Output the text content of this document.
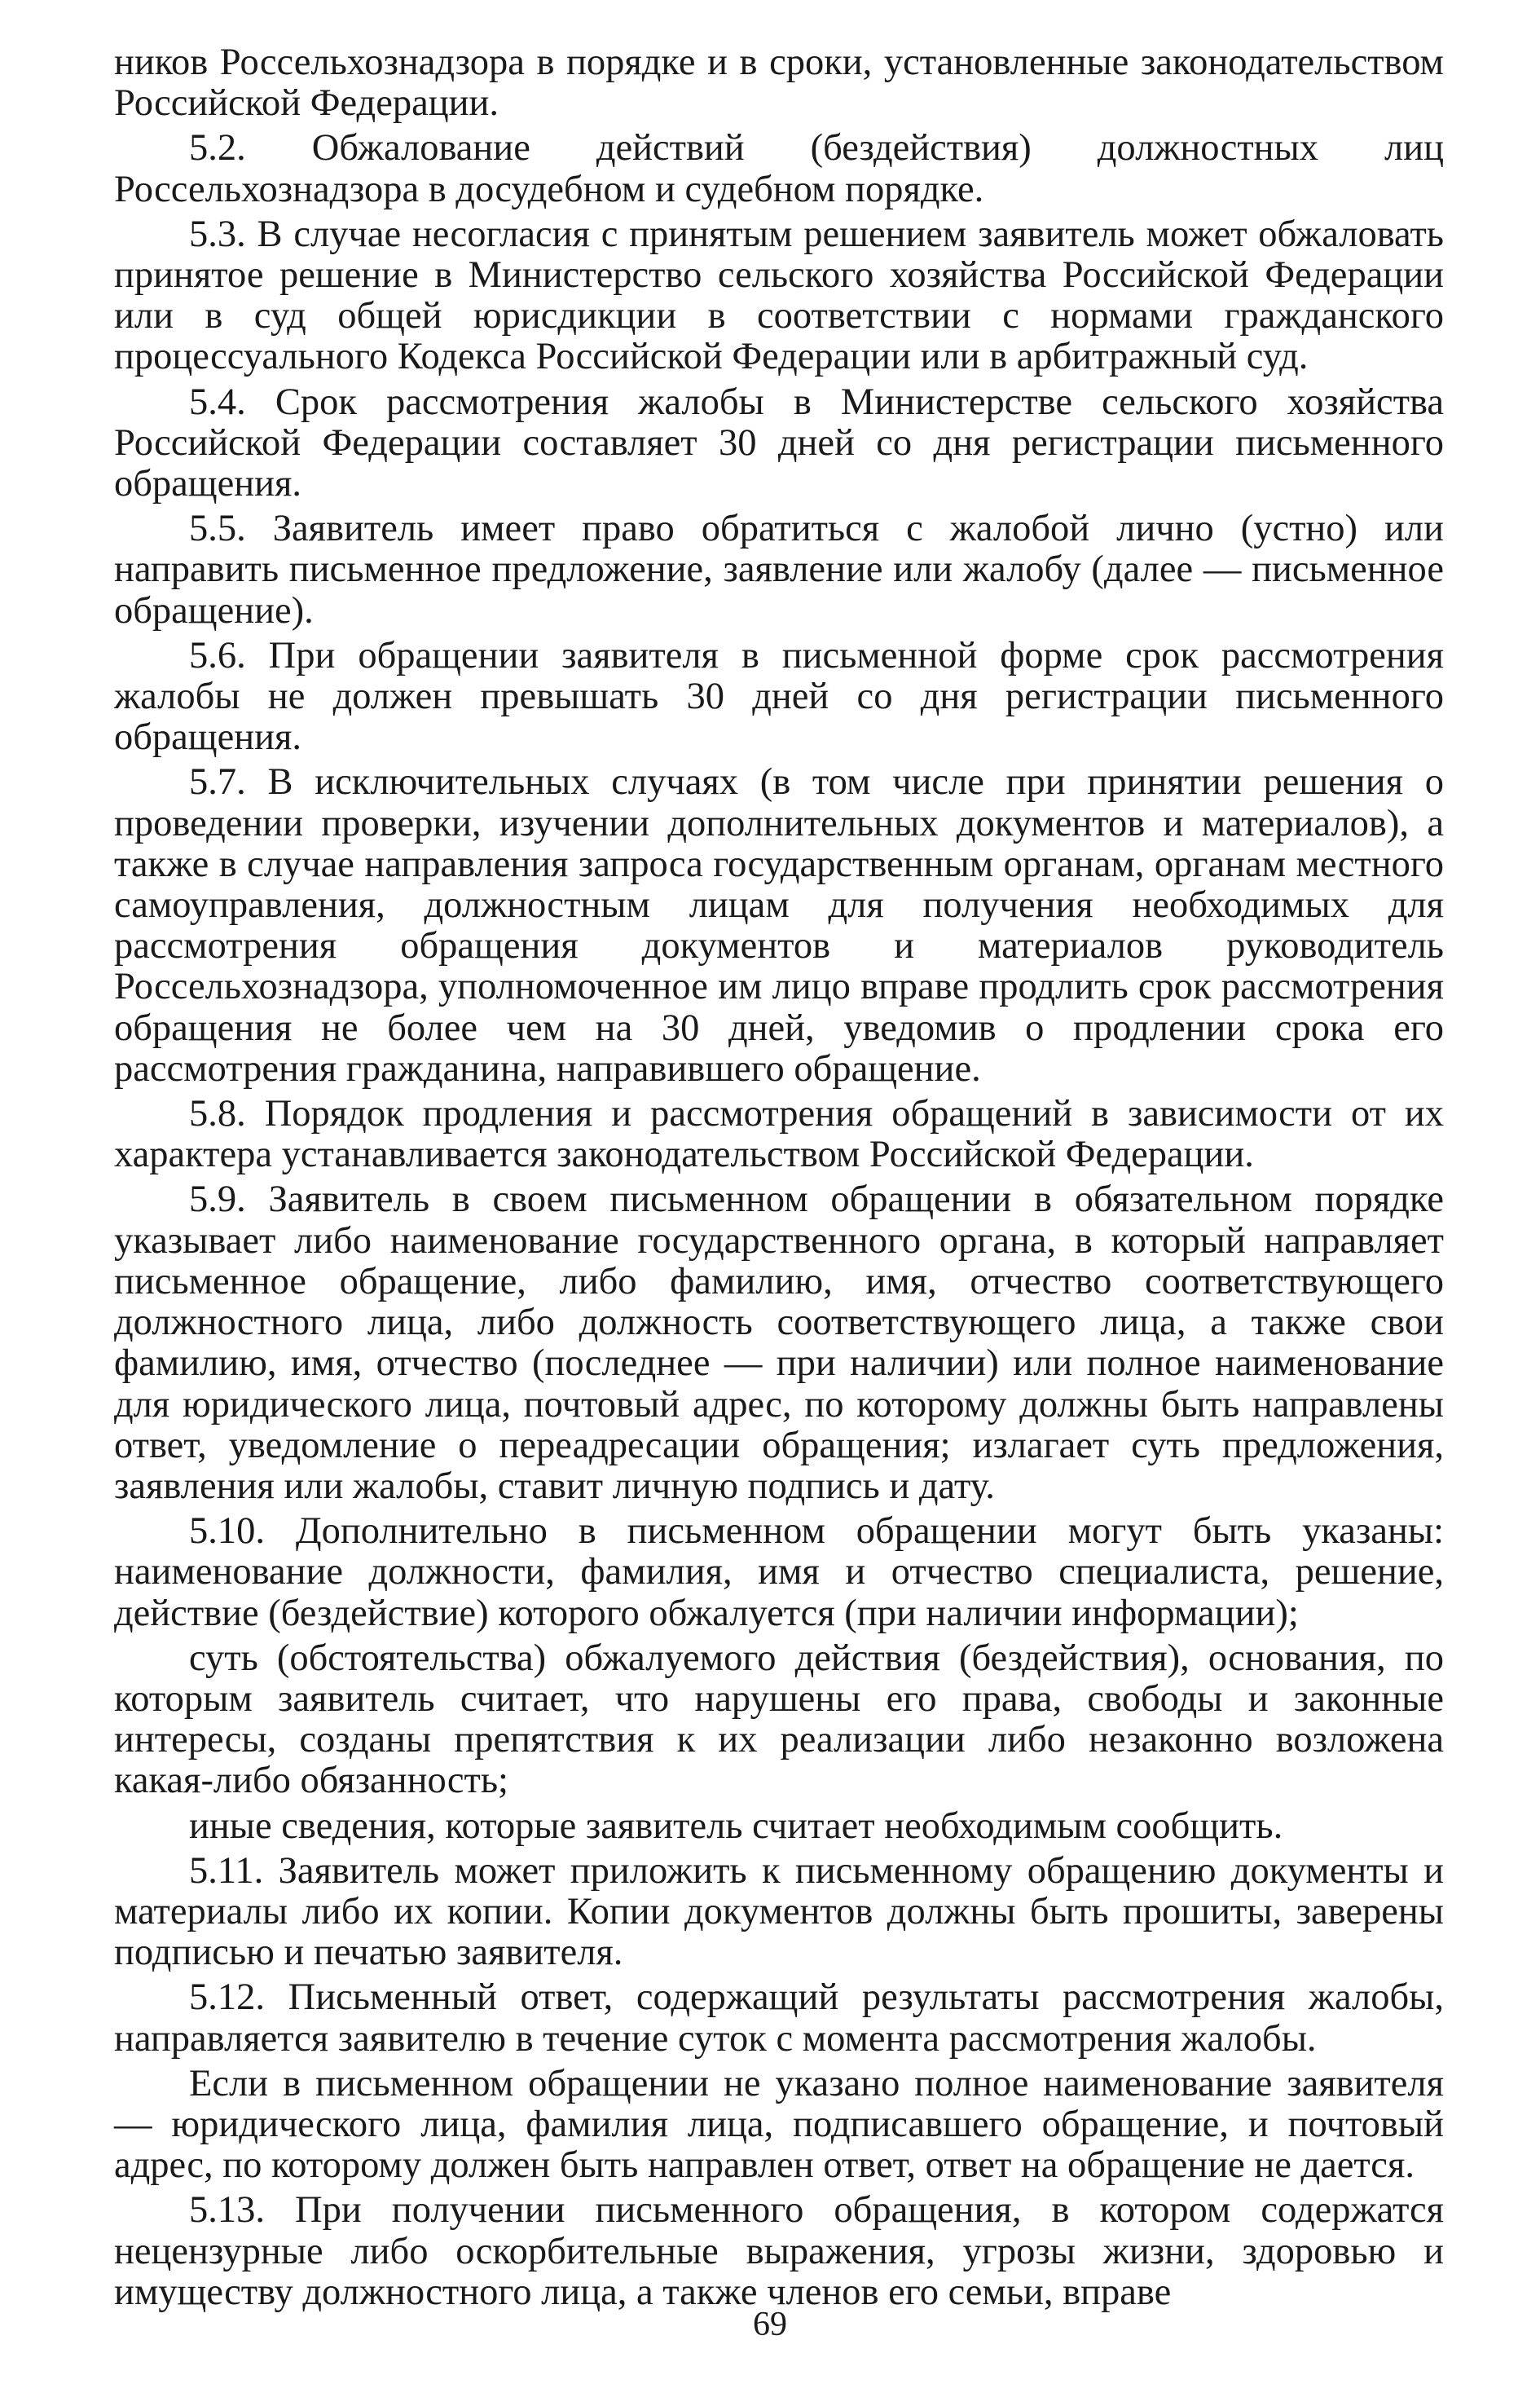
ников Россельхознадзора в порядке и в сроки, установленные законодательством Российской Федерации.

5.2. Обжалование действий (бездействия) должностных лиц Россельхознадзора в досудебном и судебном порядке.

5.3. В случае несогласия с принятым решением заявитель может обжаловать принятое решение в Министерство сельского хозяйства Российской Федерации или в суд общей юрисдикции в соответствии с нормами гражданского процессуального Кодекса Российской Федерации или в арбитражный суд.

5.4. Срок рассмотрения жалобы в Министерстве сельского хозяйства Российской Федерации составляет 30 дней со дня регистрации письменного обращения.

5.5. Заявитель имеет право обратиться с жалобой лично (устно) или направить письменное предложение, заявление или жалобу (далее — письменное обращение).

5.6. При обращении заявителя в письменной форме срок рассмотрения жалобы не должен превышать 30 дней со дня регистрации письменного обращения.

5.7. В исключительных случаях (в том числе при принятии решения о проведении проверки, изучении дополнительных документов и материалов), а также в случае направления запроса государственным органам, органам местного самоуправления, должностным лицам для получения необходимых для рассмотрения обращения документов и материалов руководитель Россельхознадзора, уполномоченное им лицо вправе продлить срок рассмотрения обращения не более чем на 30 дней, уведомив о продлении срока его рассмотрения гражданина, направившего обращение.

5.8. Порядок продления и рассмотрения обращений в зависимости от их характера устанавливается законодательством Российской Федерации.

5.9. Заявитель в своем письменном обращении в обязательном порядке указывает либо наименование государственного органа, в который направляет письменное обращение, либо фамилию, имя, отчество соответствующего должностного лица, либо должность соответствующего лица, а также свои фамилию, имя, отчество (последнее — при наличии) или полное наименование для юридического лица, почтовый адрес, по которому должны быть направлены ответ, уведомление о переадресации обращения; излагает суть предложения, заявления или жалобы, ставит личную подпись и дату.

5.10. Дополнительно в письменном обращении могут быть указаны: наименование должности, фамилия, имя и отчество специалиста, решение, действие (бездействие) которого обжалуется (при наличии информации);

суть (обстоятельства) обжалуемого действия (бездействия), основания, по которым заявитель считает, что нарушены его права, свободы и законные интересы, созданы препятствия к их реализации либо незаконно возложена какая-либо обязанность;

иные сведения, которые заявитель считает необходимым сообщить.

5.11. Заявитель может приложить к письменному обращению документы и материалы либо их копии. Копии документов должны быть прошиты, заверены подписью и печатью заявителя.

5.12. Письменный ответ, содержащий результаты рассмотрения жалобы, направляется заявителю в течение суток с момента рассмотрения жалобы.

Если в письменном обращении не указано полное наименование заявителя — юридического лица, фамилия лица, подписавшего обращение, и почтовый адрес, по которому должен быть направлен ответ, ответ на обращение не дается.

5.13. При получении письменного обращения, в котором содержатся нецензурные либо оскорбительные выражения, угрозы жизни, здоровью и имуществу должностного лица, а также членов его семьи, вправе

69
